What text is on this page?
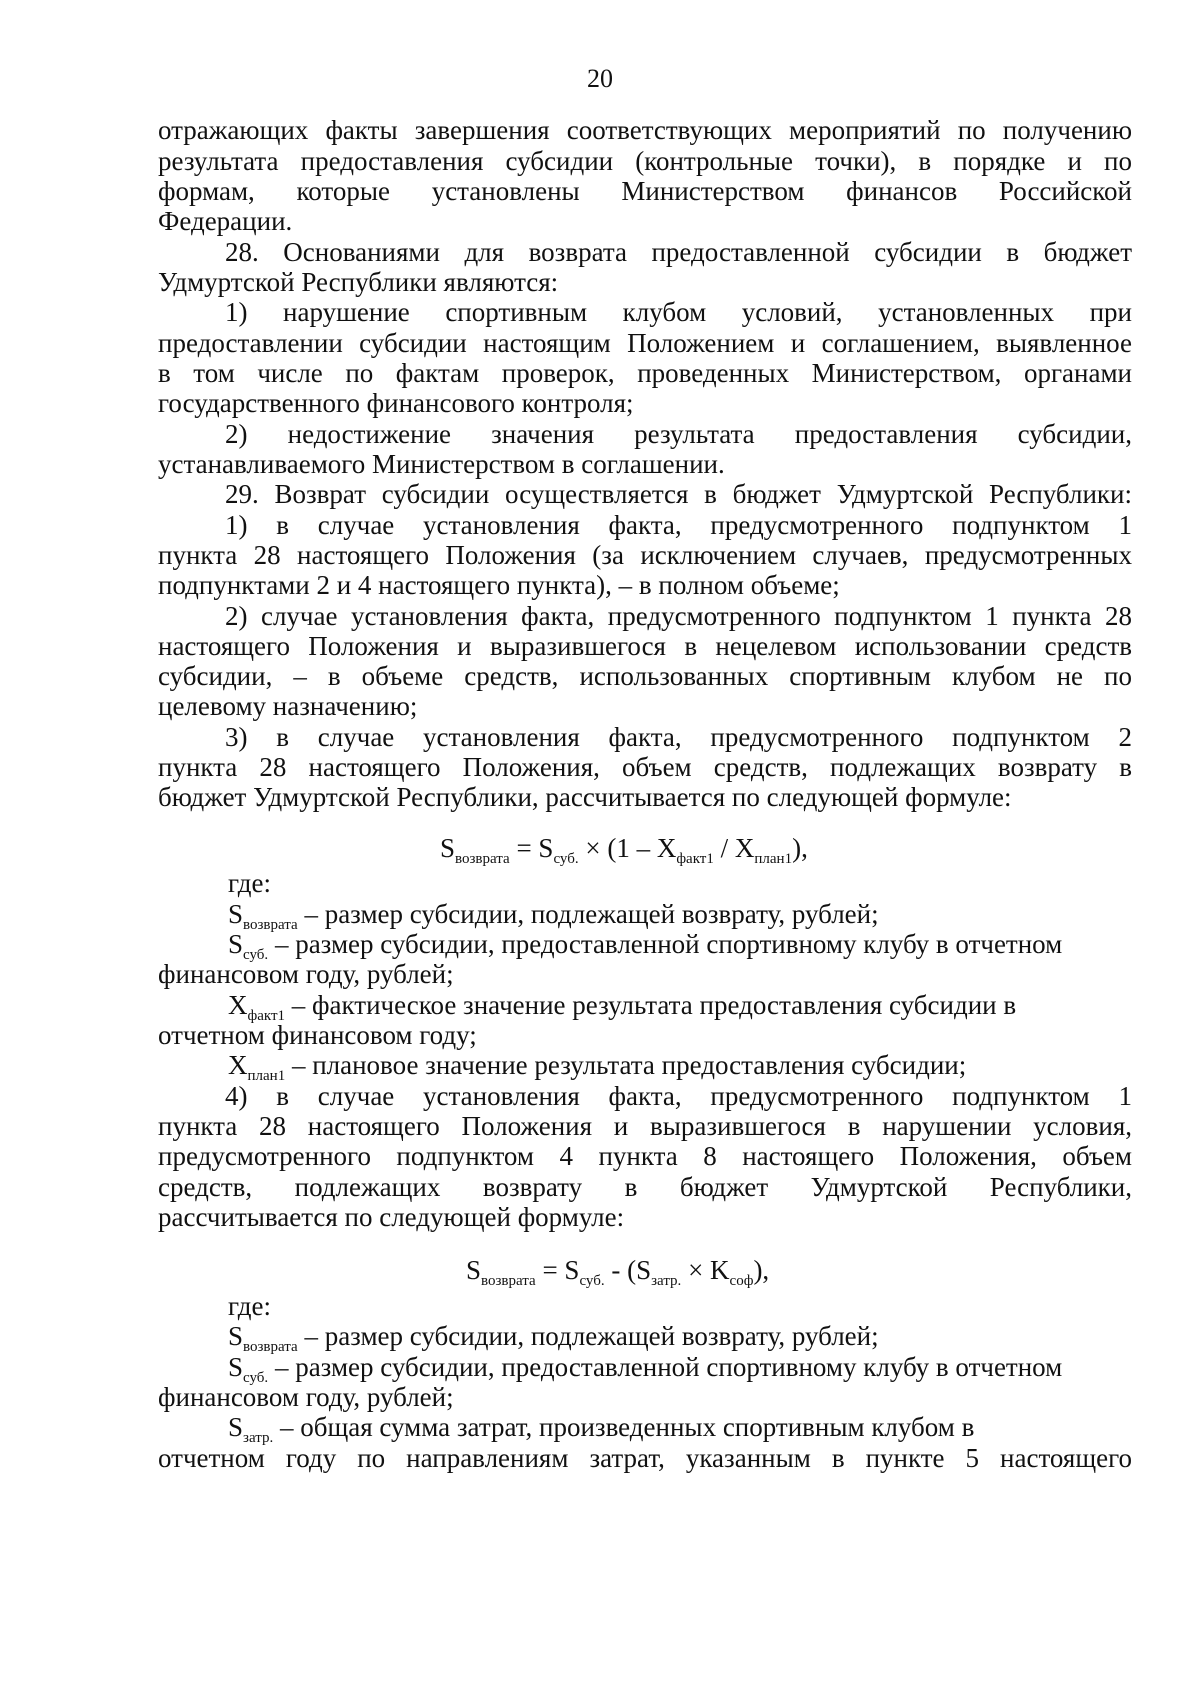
20
отражающих факты завершения соответствующих мероприятий по получению
результата предоставления субсидии (контрольные точки), в порядке и по
формам, которые установлены Министерством финансов Российской
Федерации.
28. Основаниями для возврата предоставленной субсидии в бюджет
Удмуртской Республики являются:
1) нарушение спортивным клубом условий, установленных при
предоставлении субсидии настоящим Положением и соглашением, выявленное
в том числе по фактам проверок, проведенных Министерством, органами
государственного финансового контроля;
2) недостижение значения результата предоставления субсидии,
устанавливаемого Министерством в соглашении.
29. Возврат субсидии осуществляется в бюджет Удмуртской Республики:
1) в случае установления факта, предусмотренного подпунктом 1
пункта 28 настоящего Положения (за исключением случаев, предусмотренных
подпунктами 2 и 4 настоящего пункта), – в полном объеме;
2) случае установления факта, предусмотренного подпунктом 1 пункта 28
настоящего Положения и выразившегося в нецелевом использовании средств
субсидии, – в объеме средств, использованных спортивным клубом не по
целевому назначению;
3) в случае установления факта, предусмотренного подпунктом 2
пункта 28 настоящего Положения, объем средств, подлежащих возврату в
бюджет Удмуртской Республики, рассчитывается по следующей формуле:
$S_{возврата} = S_{суб.} \times (1 - X_{факт1} / X_{план1})$,
где:
$S_{возврата}$ – размер субсидии, подлежащей возврату, рублей;
$S_{суб.}$ – размер субсидии, предоставленной спортивному клубу в отчетном
финансовом году, рублей;
$X_{факт1}$ – фактическое значение результата предоставления субсидии в
отчетном финансовом году;
$X_{план1}$ – плановое значение результата предоставления субсидии;
4) в случае установления факта, предусмотренного подпунктом 1
пункта 28 настоящего Положения и выразившегося в нарушении условия,
предусмотренного подпунктом 4 пункта 8 настоящего Положения, объем
средств, подлежащих возврату в бюджет Удмуртской Республики,
рассчитывается по следующей формуле:
$S_{возврата} = S_{суб.} - (S_{затр.} \times K_{соф})$,
где:
$S_{возврата}$ – размер субсидии, подлежащей возврату, рублей;
$S_{суб.}$ – размер субсидии, предоставленной спортивному клубу в отчетном
финансовом году, рублей;
$S_{затр.}$ – общая сумма затрат, произведенных спортивным клубом в
отчетном году по направлениям затрат, указанным в пункте 5 настоящего
